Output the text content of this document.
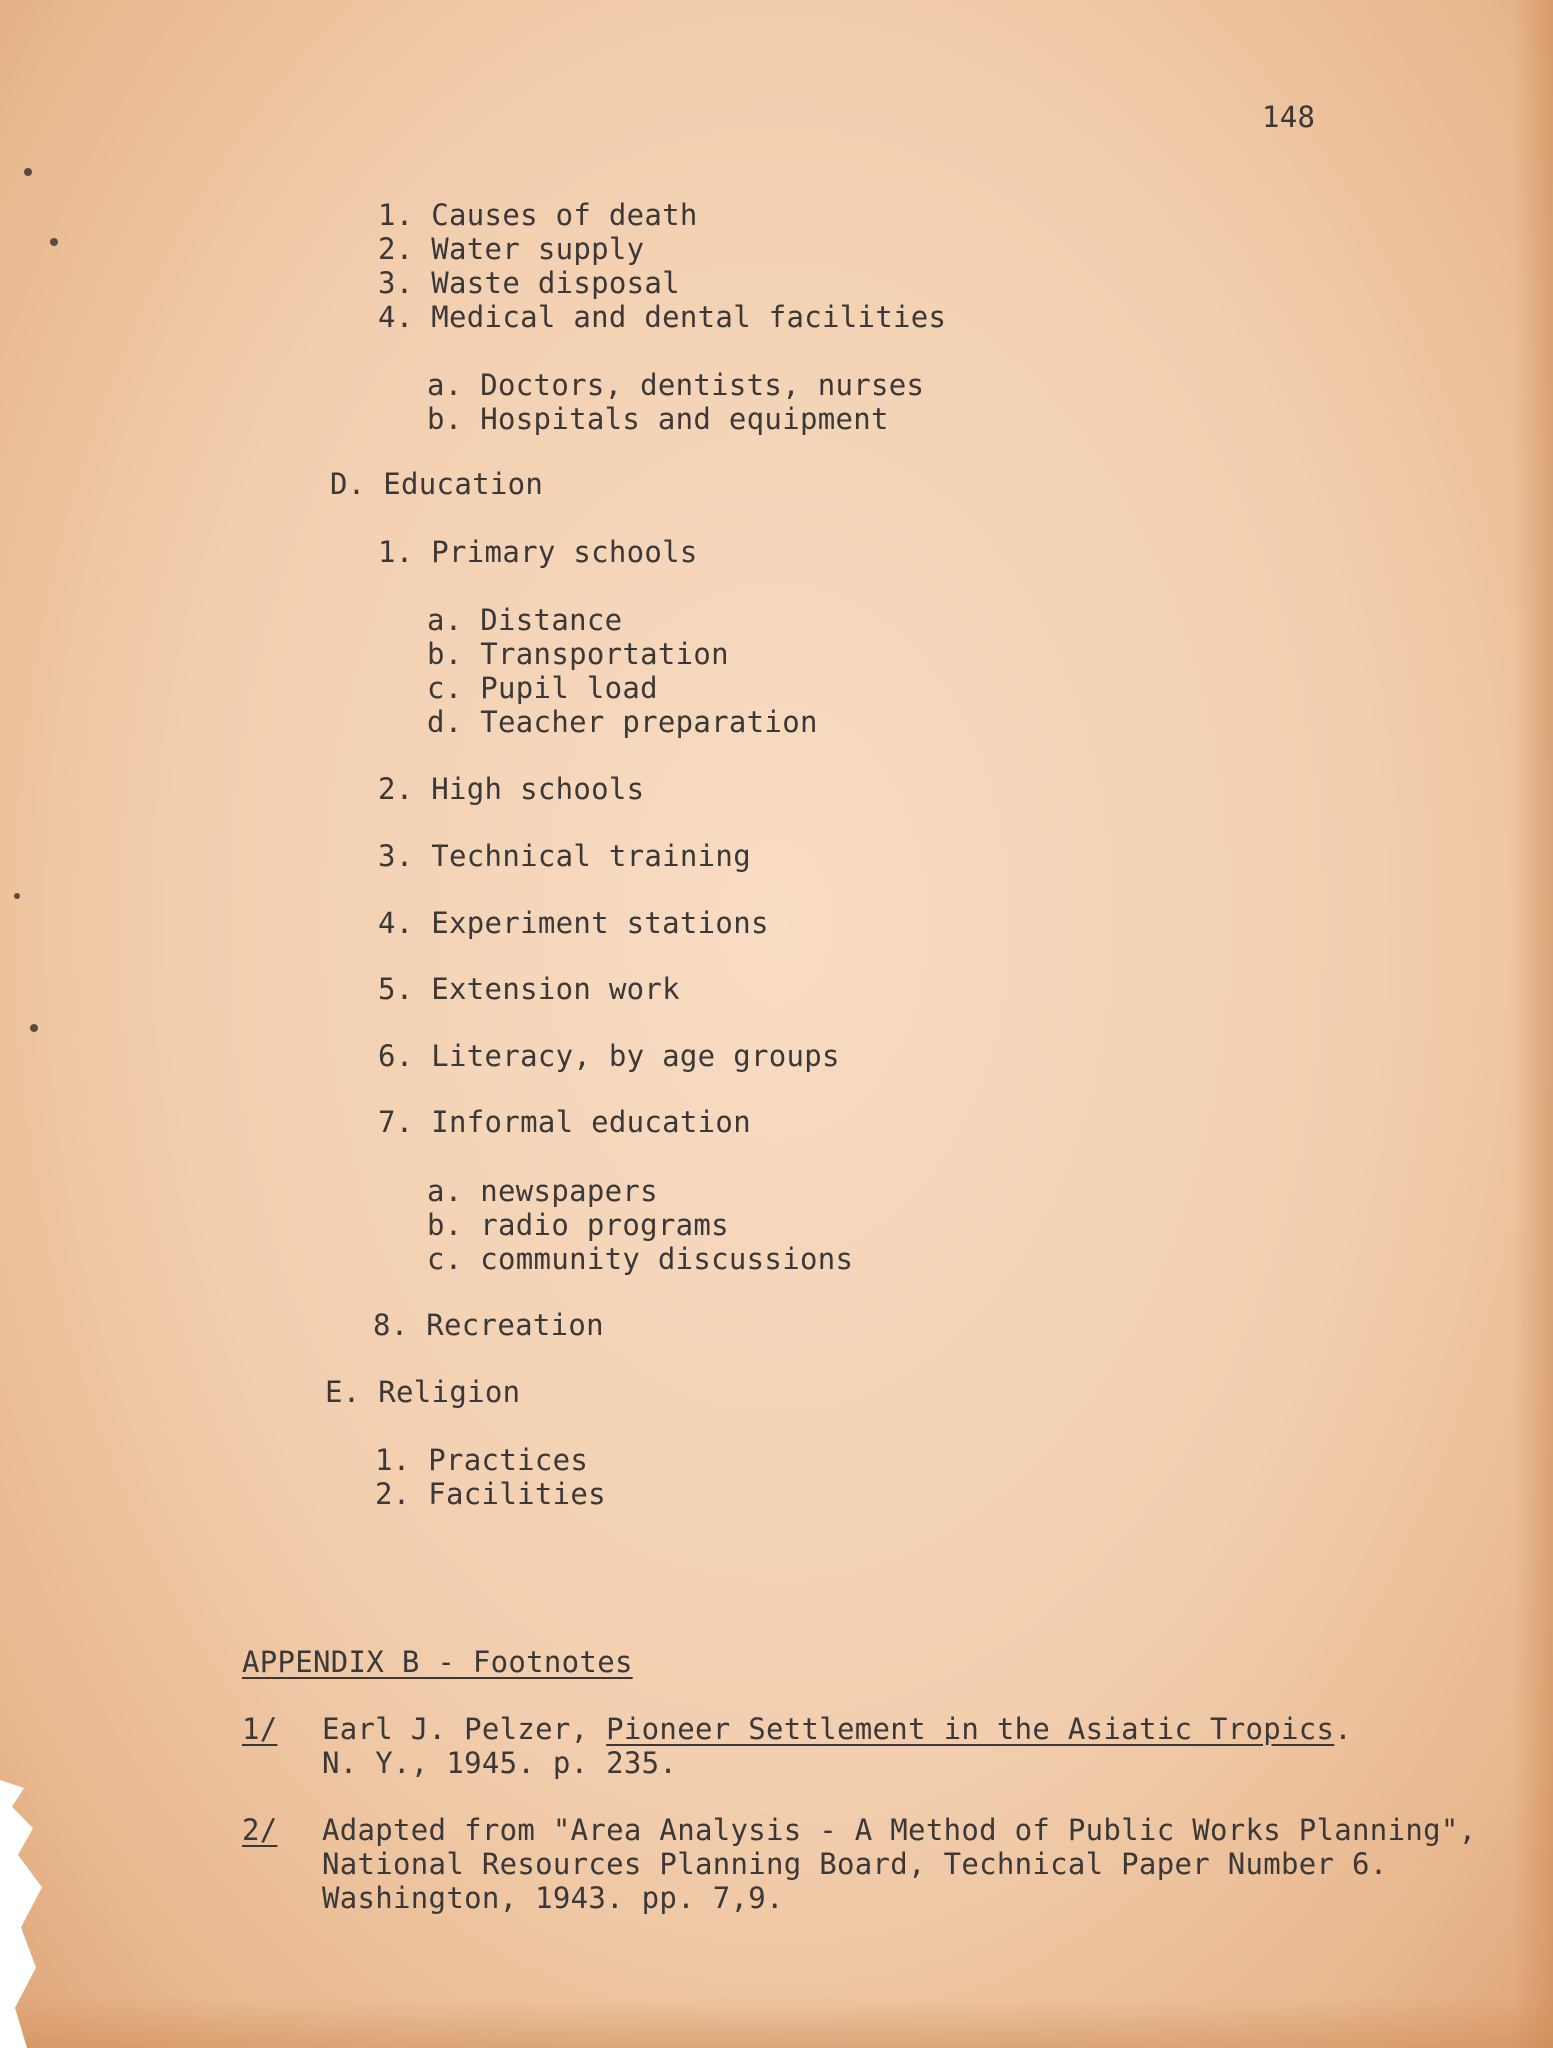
148
1. Causes of death
2. Water supply
3. Waste disposal
4. Medical and dental facilities
a. Doctors, dentists, nurses
b. Hospitals and equipment
D. Education
1. Primary schools
a. Distance
b. Transportation
c. Pupil load
d. Teacher preparation
2. High schools
3. Technical training
4. Experiment stations
5. Extension work
6. Literacy, by age groups
7. Informal education
a. newspapers
b. radio programs
c. community discussions
8. Recreation
E. Religion
1. Practices
2. Facilities
APPENDIX B - Footnotes
1/ Earl J. Pelzer, Pioneer Settlement in the Asiatic Tropics.
N. Y., 1945. p. 235.
2/ Adapted from "Area Analysis - A Method of Public Works Planning",
National Resources Planning Board, Technical Paper Number 6.
Washington, 1943. pp. 7,9.
